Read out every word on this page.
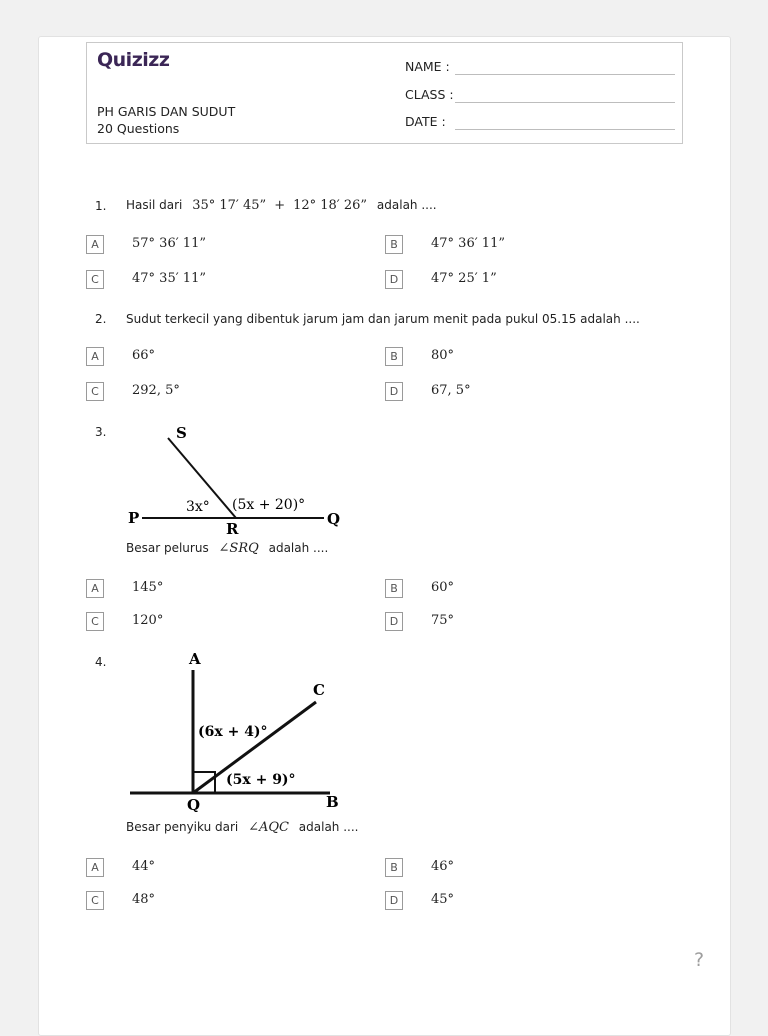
Quizizz
PH GARIS DAN SUDUT
20 Questions
NAME :
CLASS :
DATE :
1. Hasil dari 35° 17′ 45” + 12° 18′ 26” adalah ....
A	57° 36′ 11”	B	47° 36′ 11”
C	47° 35′ 11”	D	47° 25′ 1”
2. Sudut terkecil yang dibentuk jarum jam dan jarum menit pada pukul 05.15 adalah ....
A	66°	B	80°
C	292, 5°	D	67, 5°
3.	S
P	Q
R
3x° (5x + 20)°
Besar pelurus ∠SRQ adalah ....
A	145°	B	60°
C	120°	D	75°
4.	A
C
Q	B
(6x + 4)°
(5x + 9)°
Besar penyiku dari ∠AQC adalah ....
A	44°	B	46°
C	48°	D	45°
?
